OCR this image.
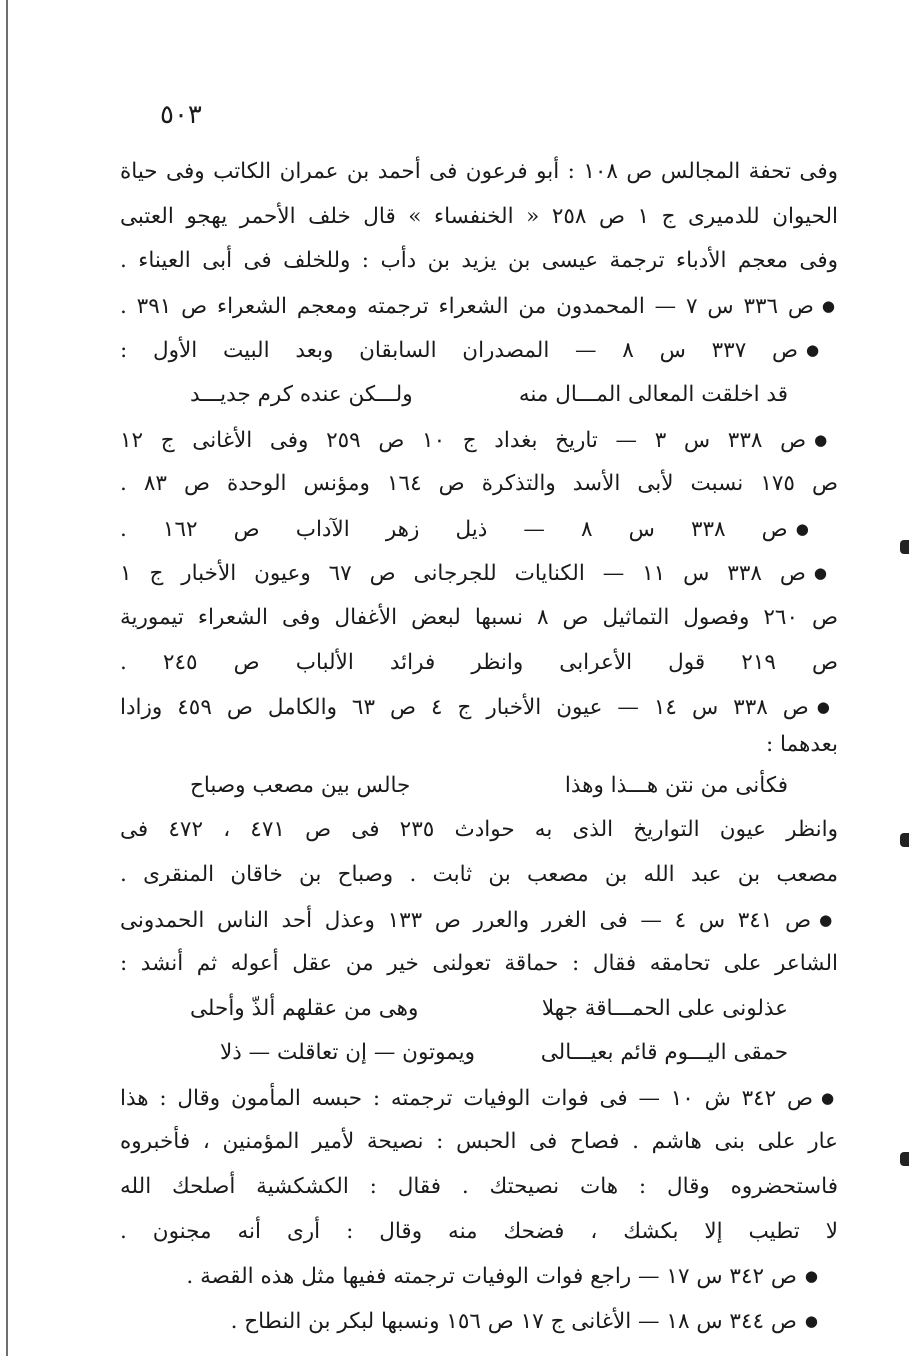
٥٠٣
وفى تحفة المجالس ص ١٠٨ : أبو فرعون فى أحمد بن عمران الكاتب وفى حياة
الحيوان للدميرى ج ١ ص ٢٥٨ « الخنفساء » قال خلف الأحمر يهجو العتبى
وفى معجم الأدباء ترجمة عيسى بن يزيد بن دأب : وللخلف فى أبى العيناء .
● ص ٣٣٦ س ٧ — المحمدون من الشعراء ترجمته ومعجم الشعراء ص ٣٩١ .
● ص ٣٣٧ س ٨ — المصدران السابقان وبعد البيت الأول :
قد اخلقت المعالى المـــال منه
ولـــكن عنده كرم جديـــد
● ص ٣٣٨ س ٣ — تاريخ بغداد ج ١٠ ص ٢٥٩ وفى الأغانى ج ١٢
ص ١٧٥ نسبت لأبى الأسد والتذكرة ص ١٦٤ ومؤنس الوحدة ص ٨٣ .
● ص ٣٣٨ س ٨ — ذيل زهر الآداب ص ١٦٢ .
● ص ٣٣٨ س ١١ — الكنايات للجرجانى ص ٦٧ وعيون الأخبار ج ١
ص ٢٦٠ وفصول التماثيل ص ٨ نسبها لبعض الأغفال وفى الشعراء تيمورية
ص ٢١٩ قول الأعرابى وانظر فرائد الألباب ص ٢٤٥ .
● ص ٣٣٨ س ١٤ — عيون الأخبار ج ٤ ص ٦٣ والكامل ص ٤٥٩ وزادا
بعدهما :
فكأنى من نتن هـــذا وهذا
جالس بين مصعب وصباح
وانظر عيون التواريخ الذى به حوادث ٢٣٥ فى ص ٤٧١ ، ٤٧٢ فى
مصعب بن عبد الله بن مصعب بن ثابت . وصباح بن خاقان المنقرى .
● ص ٣٤١ س ٤ — فى الغرر والعرر ص ١٣٣ وعذل أحد الناس الحمدونى
الشاعر على تحامقه فقال : حماقة تعولنى خير من عقل أعوله ثم أنشد :
عذلونى على الحمـــاقة جهلا
وهى من عقلهم ألذّ وأحلى
حمقى اليـــوم قائم بعيـــالى
ويموتون — إن تعاقلت — ذلا
● ص ٣٤٢ ش ١٠ — فى فوات الوفيات ترجمته : حبسه المأمون وقال : هذا
عار على بنى هاشم . فصاح فى الحبس : نصيحة لأمير المؤمنين ، فأخبروه
فاستحضروه وقال : هات نصيحتك . فقال : الكشكشية أصلحك الله
لا تطيب إلا بكشك ، فضحك منه وقال : أرى أنه مجنون .
● ص ٣٤٢ س ١٧ — راجع فوات الوفيات ترجمته ففيها مثل هذه القصة .
● ص ٣٤٤ س ١٨ — الأغانى ج ١٧ ص ١٥٦ ونسبها لبكر بن النطاح .
